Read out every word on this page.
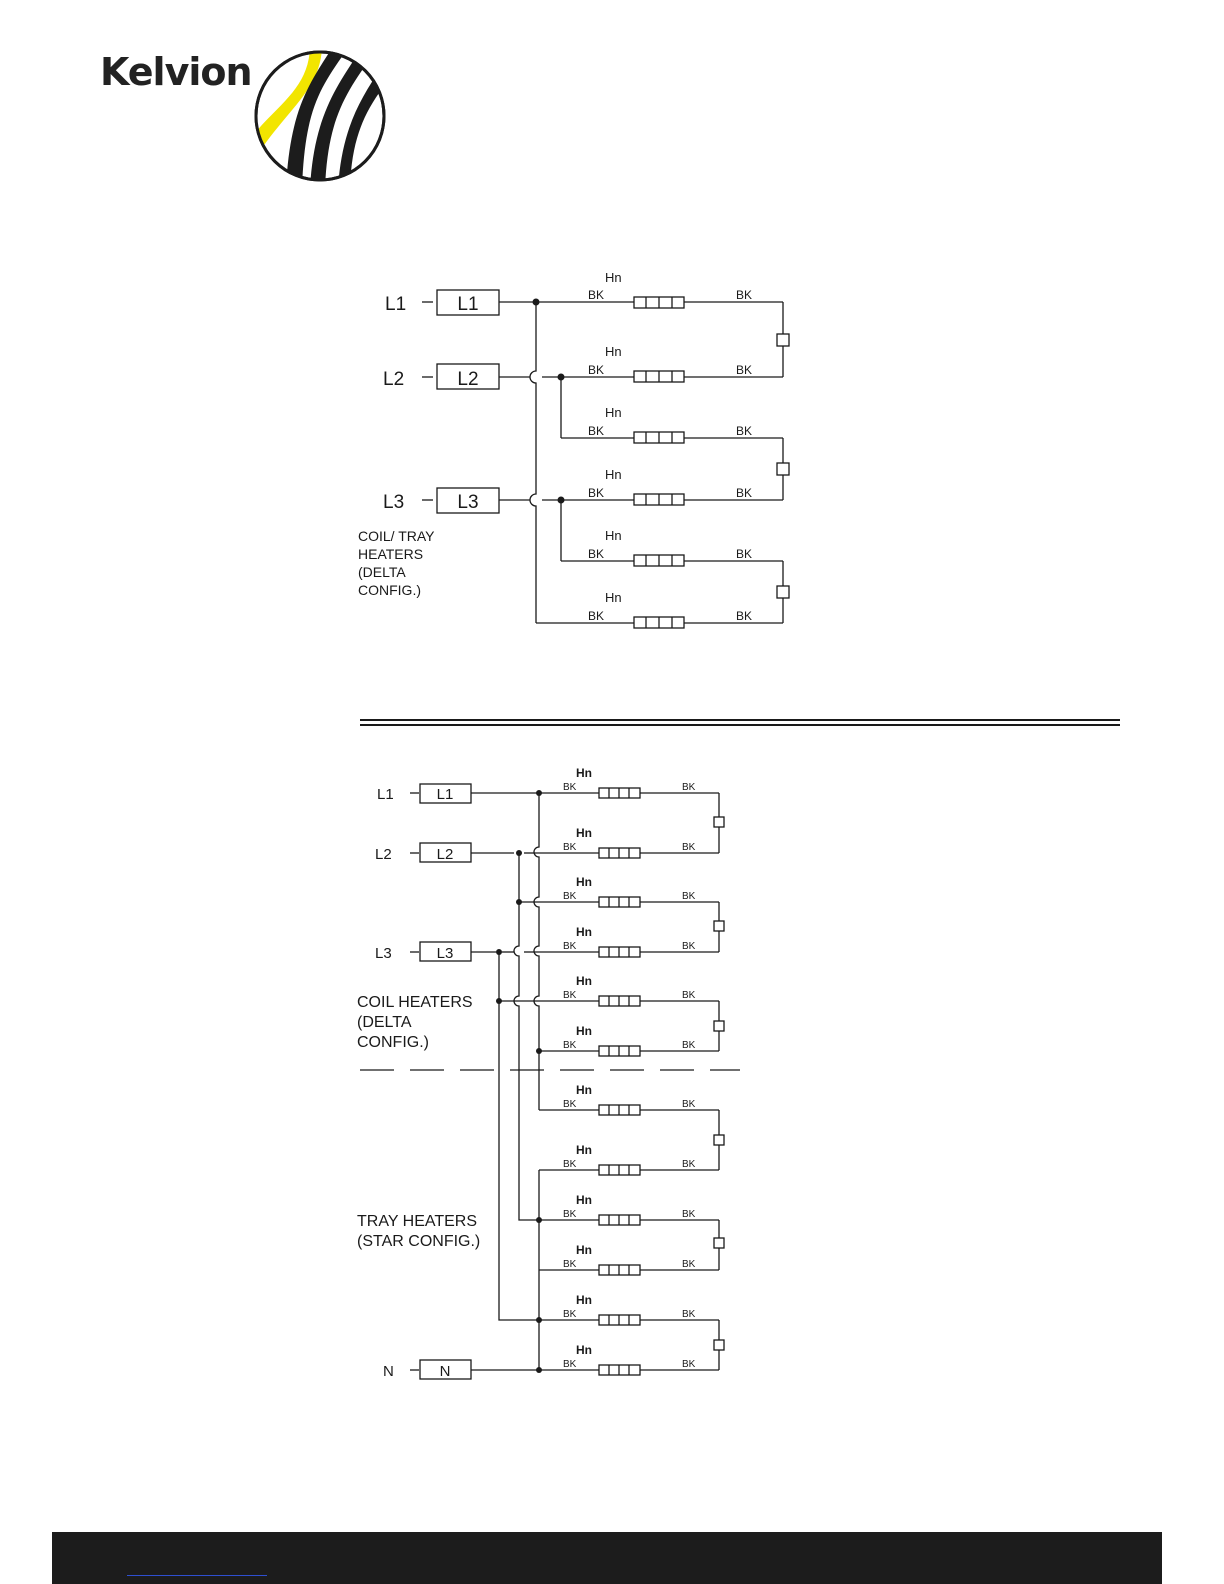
Kelvion
L1
L2
L3
L1
L2
L3
Hn
Hn
Hn
Hn
Hn
Hn
BK	BK
BK	BK
BK	BK
BK	BK
BK	BK
BK	BK
COIL/ TRAY
HEATERS
(DELTA
CONFIG.)
L1
L2
L3
N
L1
L2
L3
N
Hn
Hn
Hn
Hn
Hn
Hn
Hn
Hn
Hn
Hn
Hn
Hn
BK	BK
BK	BK
BK	BK
BK	BK
BK	BK
BK	BK
BK	BK
BK	BK
BK	BK
BK	BK
BK	BK
BK	BK
COIL HEATERS
(DELTA
CONFIG.)
TRAY HEATERS
(STAR CONFIG.)
